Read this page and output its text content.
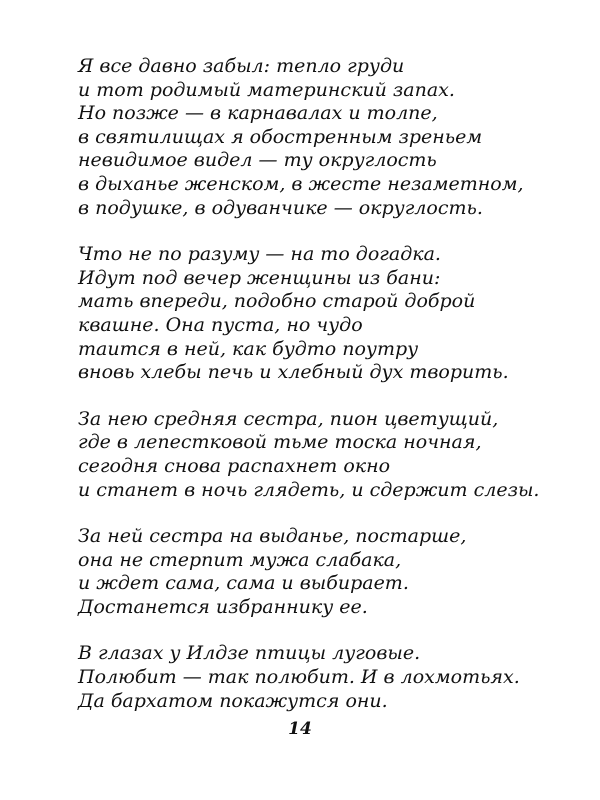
Я все давно забыл: тепло груди
и тот родимый материнский запах.
Но позже — в карнавалах и толпе,
в святилищах я обостренным зреньем
невидимое видел — ту округлость
в дыханье женском, в жесте незаметном,
в подушке, в одуванчике — округлость.
Что не по разуму — на то догадка.
Идут под вечер женщины из бани:
мать впереди, подобно старой доброй
квашне. Она пуста, но чудо
таится в ней, как будто поутру
вновь хлебы печь и хлебный дух творить.
За нею средняя сестра, пион цветущий,
где в лепестковой тьме тоска ночная,
сегодня снова распахнет окно
и станет в ночь глядеть, и сдержит слезы.
За ней сестра на выданье, постарше,
она не стерпит мужа слабака,
и ждет сама, сама и выбирает.
Достанется избраннику ее.
В глазах у Илдзе птицы луговые.
Полюбит — так полюбит. И в лохмотьях.
Да бархатом покажутся они.
14
